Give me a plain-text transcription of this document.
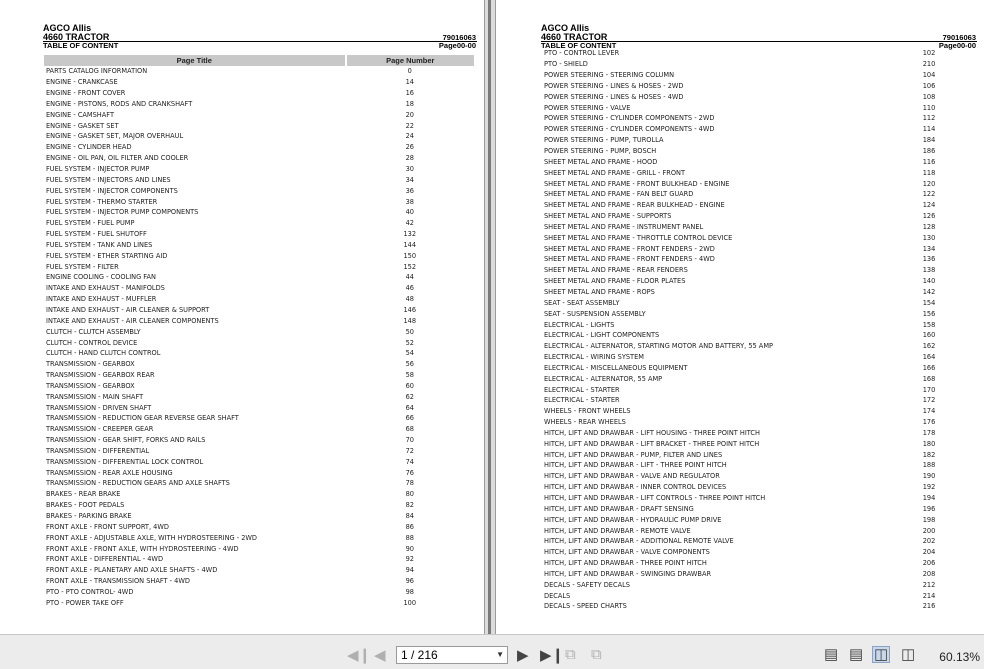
AGCO Allis
4660 TRACTOR
TABLE OF CONTENT
79016063
Page00-00
Page Title	Page Number
PARTS CATALOG INFORMATION	0
ENGINE - CRANKCASE	14
ENGINE - FRONT COVER	16
ENGINE - PISTONS, RODS AND CRANKSHAFT	18
ENGINE - CAMSHAFT	20
ENGINE - GASKET SET	22
ENGINE - GASKET SET, MAJOR OVERHAUL	24
ENGINE - CYLINDER HEAD	26
ENGINE - OIL PAN, OIL FILTER AND COOLER	28
FUEL SYSTEM - INJECTOR PUMP	30
FUEL SYSTEM - INJECTORS AND LINES	34
FUEL SYSTEM - INJECTOR COMPONENTS	36
FUEL SYSTEM - THERMO STARTER	38
FUEL SYSTEM - INJECTOR PUMP COMPONENTS	40
FUEL SYSTEM - FUEL PUMP	42
FUEL SYSTEM - FUEL SHUTOFF	132
FUEL SYSTEM - TANK AND LINES	144
FUEL SYSTEM - ETHER STARTING AID	150
FUEL SYSTEM - FILTER	152
ENGINE COOLING - COOLING FAN	44
INTAKE AND EXHAUST - MANIFOLDS	46
INTAKE AND EXHAUST - MUFFLER	48
INTAKE AND EXHAUST - AIR CLEANER & SUPPORT	146
INTAKE AND EXHAUST - AIR CLEANER COMPONENTS	148
CLUTCH - CLUTCH ASSEMBLY	50
CLUTCH - CONTROL DEVICE	52
CLUTCH - HAND CLUTCH CONTROL	54
TRANSMISSION - GEARBOX	56
TRANSMISSION - GEARBOX REAR	58
TRANSMISSION - GEARBOX	60
TRANSMISSION - MAIN SHAFT	62
TRANSMISSION - DRIVEN SHAFT	64
TRANSMISSION - REDUCTION GEAR REVERSE GEAR SHAFT	66
TRANSMISSION - CREEPER GEAR	68
TRANSMISSION - GEAR SHIFT, FORKS AND RAILS	70
TRANSMISSION - DIFFERENTIAL	72
TRANSMISSION - DIFFERENTIAL LOCK CONTROL	74
TRANSMISSION - REAR AXLE HOUSING	76
TRANSMISSION - REDUCTION GEARS AND AXLE SHAFTS	78
BRAKES - REAR BRAKE	80
BRAKES - FOOT PEDALS	82
BRAKES - PARKING BRAKE	84
FRONT AXLE - FRONT SUPPORT, 4WD	86
FRONT AXLE - ADJUSTABLE AXLE, WITH HYDROSTEERING - 2WD	88
FRONT AXLE - FRONT AXLE, WITH HYDROSTEERING - 4WD	90
FRONT AXLE - DIFFERENTIAL - 4WD	92
FRONT AXLE - PLANETARY AND AXLE SHAFTS - 4WD	94
FRONT AXLE - TRANSMISSION SHAFT - 4WD	96
PTO - PTO CONTROL- 4WD	98
PTO - POWER TAKE OFF	100
AGCO Allis
4660 TRACTOR
TABLE OF CONTENT
79016063
Page00-00
PTO - CONTROL LEVER	102
PTO - SHIELD	210
POWER STEERING - STEERING COLUMN	104
POWER STEERING - LINES & HOSES - 2WD	106
POWER STEERING - LINES & HOSES - 4WD	108
POWER STEERING - VALVE	110
POWER STEERING - CYLINDER COMPONENTS - 2WD	112
POWER STEERING - CYLINDER COMPONENTS - 4WD	114
POWER STEERING - PUMP, TUROLLA	184
POWER STEERING - PUMP, BOSCH	186
SHEET METAL AND FRAME - HOOD	116
SHEET METAL AND FRAME - GRILL - FRONT	118
SHEET METAL AND FRAME - FRONT BULKHEAD - ENGINE	120
SHEET METAL AND FRAME - FAN BELT GUARD	122
SHEET METAL AND FRAME - REAR BULKHEAD - ENGINE	124
SHEET METAL AND FRAME - SUPPORTS	126
SHEET METAL AND FRAME - INSTRUMENT PANEL	128
SHEET METAL AND FRAME - THROTTLE CONTROL DEVICE	130
SHEET METAL AND FRAME - FRONT FENDERS - 2WD	134
SHEET METAL AND FRAME - FRONT FENDERS - 4WD	136
SHEET METAL AND FRAME - REAR FENDERS	138
SHEET METAL AND FRAME - FLOOR PLATES	140
SHEET METAL AND FRAME - ROPS	142
SEAT - SEAT ASSEMBLY	154
SEAT - SUSPENSION ASSEMBLY	156
ELECTRICAL - LIGHTS	158
ELECTRICAL - LIGHT COMPONENTS	160
ELECTRICAL - ALTERNATOR, STARTING MOTOR AND BATTERY, 55 AMP	162
ELECTRICAL - WIRING SYSTEM	164
ELECTRICAL - MISCELLANEOUS EQUIPMENT	166
ELECTRICAL - ALTERNATOR, 55 AMP	168
ELECTRICAL - STARTER	170
ELECTRICAL - STARTER	172
WHEELS - FRONT WHEELS	174
WHEELS - REAR WHEELS	176
HITCH, LIFT AND DRAWBAR - LIFT HOUSING - THREE POINT HITCH	178
HITCH, LIFT AND DRAWBAR - LIFT BRACKET - THREE POINT HITCH	180
HITCH, LIFT AND DRAWBAR - PUMP, FILTER AND LINES	182
HITCH, LIFT AND DRAWBAR - LIFT - THREE POINT HITCH	188
HITCH, LIFT AND DRAWBAR - VALVE AND REGULATOR	190
HITCH, LIFT AND DRAWBAR - INNER CONTROL DEVICES	192
HITCH, LIFT AND DRAWBAR - LIFT CONTROLS - THREE POINT HITCH	194
HITCH, LIFT AND DRAWBAR - DRAFT SENSING	196
HITCH, LIFT AND DRAWBAR - HYDRAULIC PUMP DRIVE	198
HITCH, LIFT AND DRAWBAR - REMOTE VALVE	200
HITCH, LIFT AND DRAWBAR - ADDITIONAL REMOTE VALVE	202
HITCH, LIFT AND DRAWBAR - VALVE COMPONENTS	204
HITCH, LIFT AND DRAWBAR - THREE POINT HITCH	206
HITCH, LIFT AND DRAWBAR - SWINGING DRAWBAR	208
DECALS - SAFETY DECALS	212
DECALS	214
DECALS - SPEED CHARTS	216
◀❙ ◀	1 / 216	▼ ▶ ▶❙ ⧉ ⧉	▤ ▤ ◫ ◫ 60.13%
